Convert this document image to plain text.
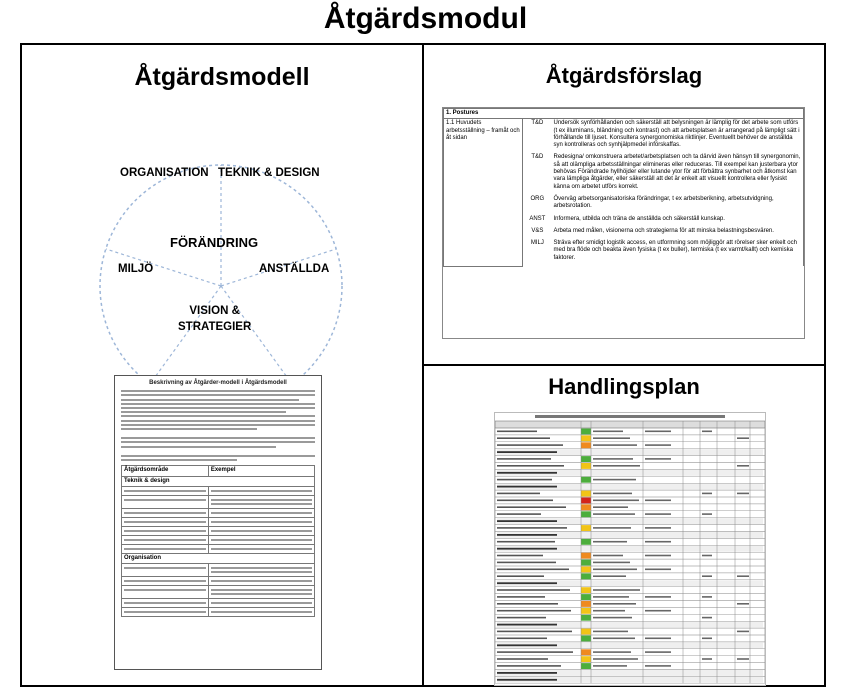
Åtgärdsmodul
Åtgärdsmodell
ORGANISATION TEKNIK & DESIGN
FÖRÄNDRING
MILJÖ	ANSTÄLLDA
VISION &
STRATEGIER
Beskrivning av Åtgärder-modell i Åtgärdsmodell
Åtgärdsområde	Exempel
Teknik & design	

Organisation	

Åtgärdsförslag
1. Postures		
1.1 Huvudets arbetsställning – framåt och åt sidan	T&D	Undersök synförhållanden och säkerställ att belysningen är lämplig för det arbete som utförs (t ex illuminans, bländning och kontrast) och att arbetsplatsen är arrangerad på lämpligt sätt i förhållande till ljuset. Konsultera synergonomiska riktlinjer. Eventuellt behöver de anställda syn kontrolleras och synhjälpmedel införskaffas.
	T&D	Redesigna/ omkonstruera arbetet/arbetsplatsen och ta därvid även hänsyn till synergonomin, så att olämpliga arbetsställningar elimineras eller reduceras. Till exempel kan justerbara ytor behövas Förändrade hyllhöjder eller lutande ytor för att förbättra synbarhet och åtkomst kan vara lämpliga åtgärder, eller säkerställ att det är enkelt att visuellt kontrollera eller fysiskt känna om arbetet utförs korrekt.
	ORG	Överväg arbetsorganisatoriska förändringar, t ex arbetsberikning, arbetsutvidgning, arbetsrotation.
	ANST	Informera, utbilda och träna de anställda och säkerställ kunskap.
	V&S	Arbeta med målen, visionerna och strategierna för att minska belastningsbesvären.
	MILJ	Sträva efter smidigt logistik access, en utformning som möjliggör att rörelser sker enkelt och med bra flöde och beakta även fysiska (t ex buller), termiska (t ex varmt/kallt) och kemiska faktorer.
Handlingsplan
